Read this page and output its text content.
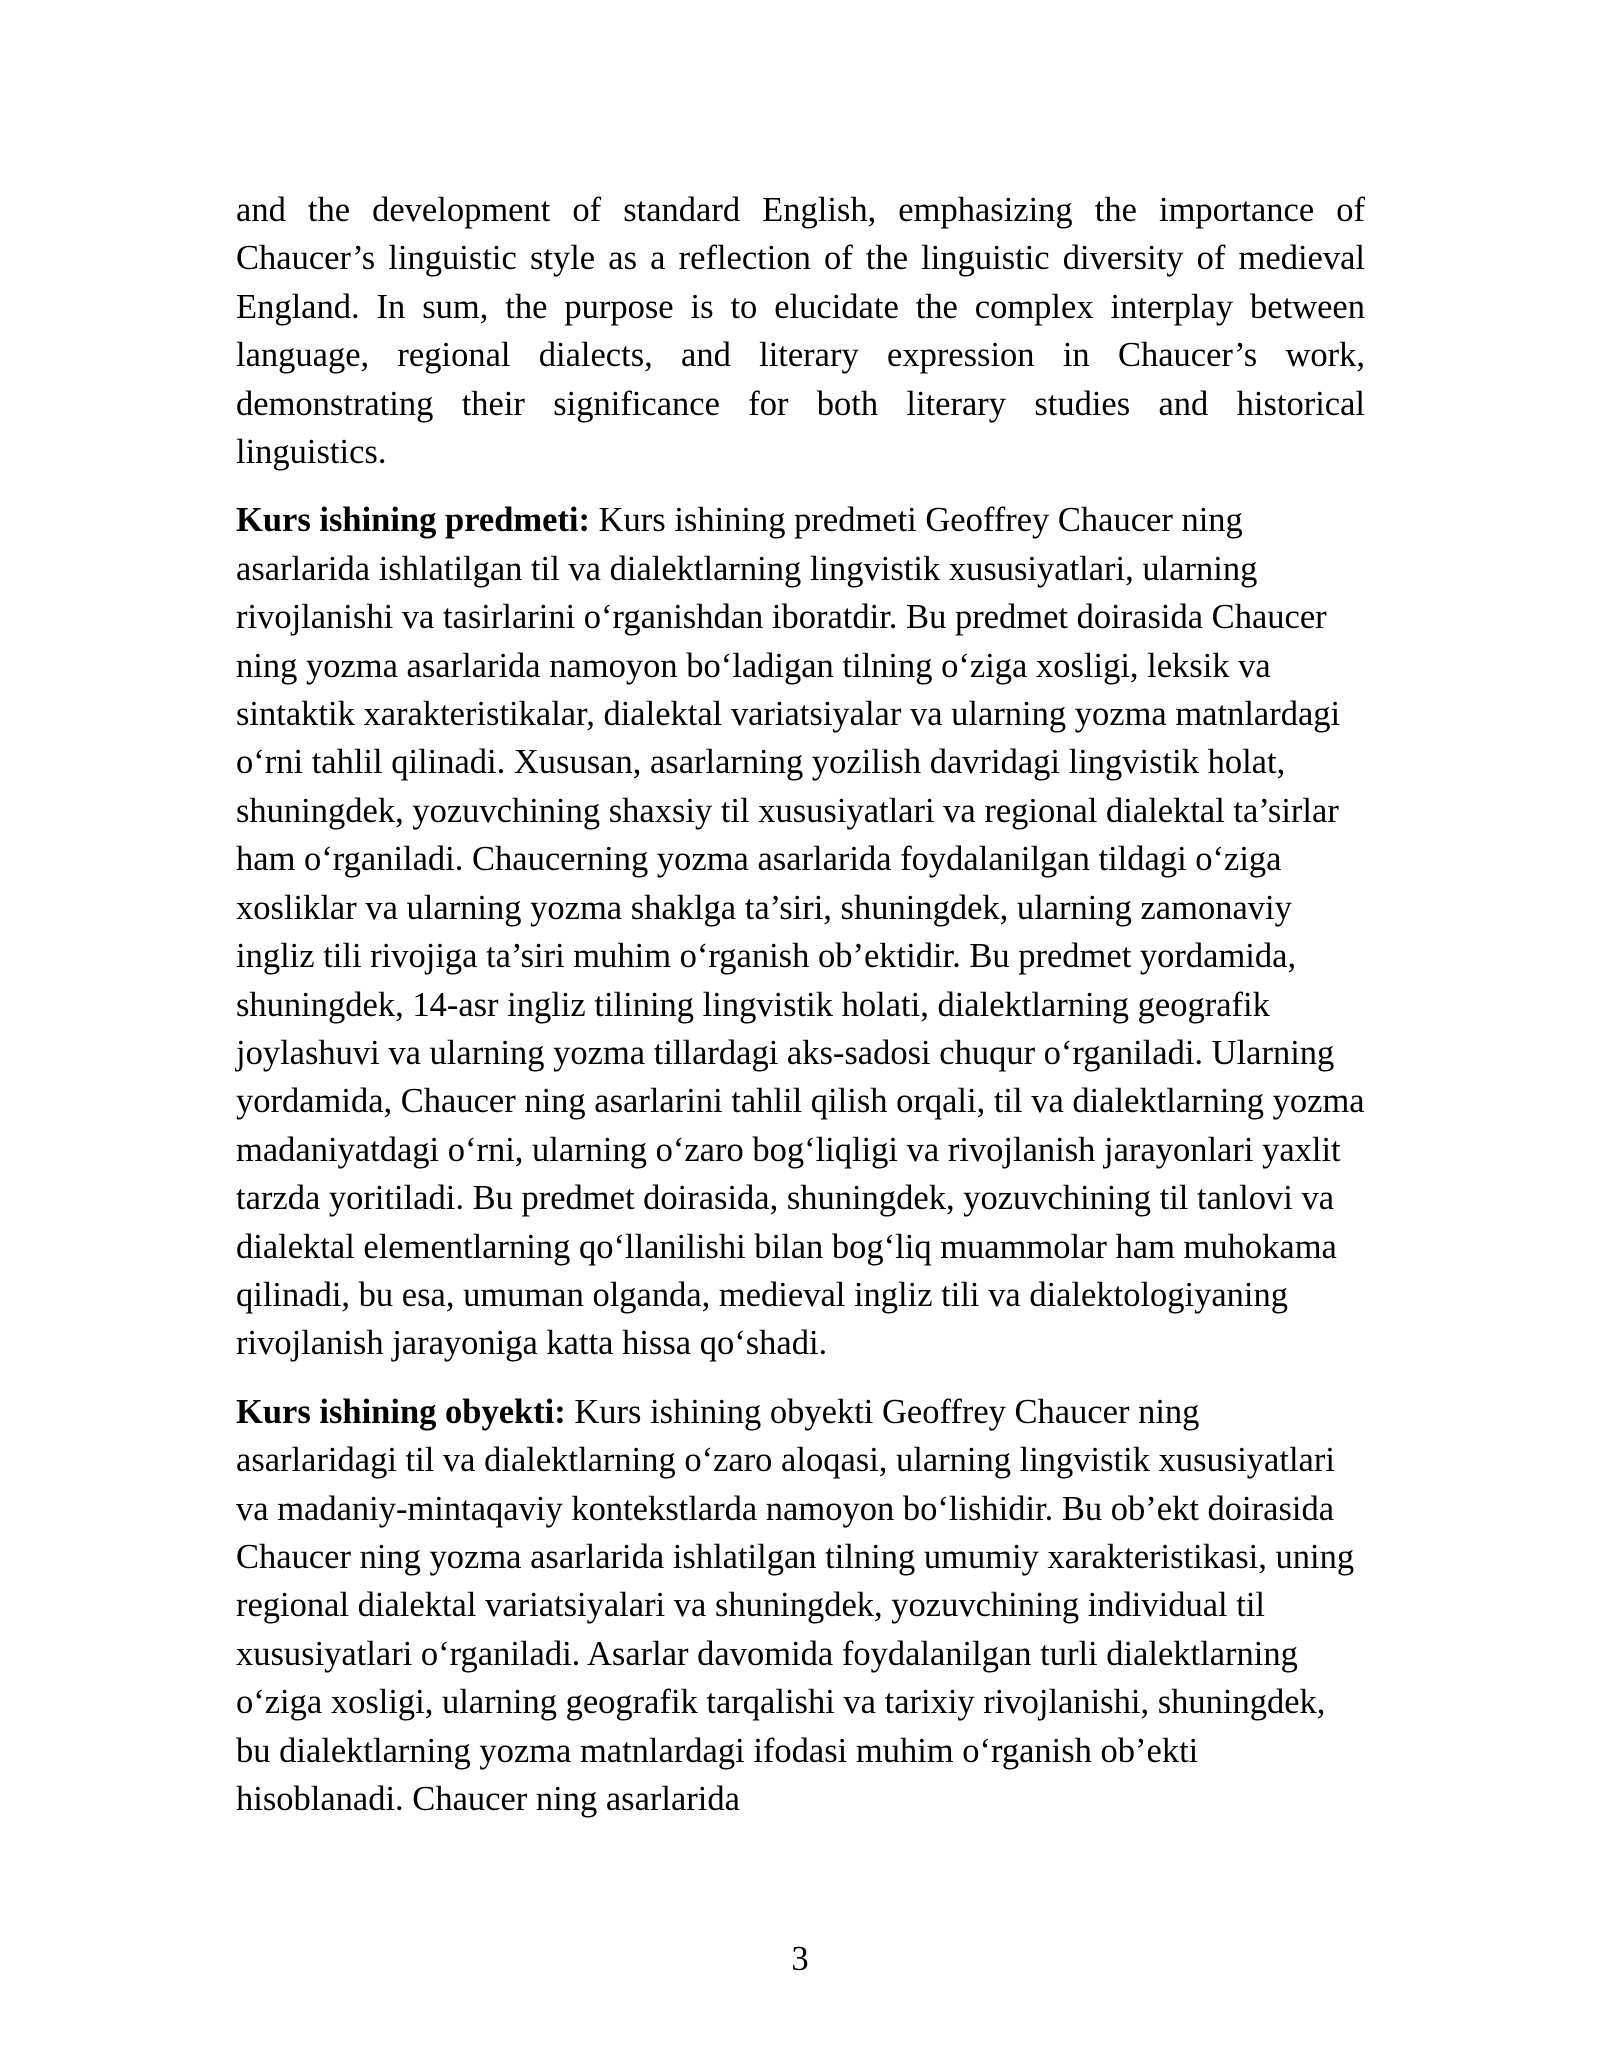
and the development of standard English, emphasizing the importance of Chaucer’s linguistic style as a reflection of the linguistic diversity of medieval England. In sum, the purpose is to elucidate the complex interplay between language, regional dialects, and literary expression in Chaucer’s work, demonstrating their significance for both literary studies and historical linguistics.

Kurs ishining predmeti: Kurs ishining predmeti Geoffrey Chaucer ning asarlarida ishlatilgan til va dialektlarning lingvistik xususiyatlari, ularning rivojlanishi va tasirlarini o‘rganishdan iboratdir. Bu predmet doirasida Chaucer ning yozma asarlarida namoyon bo‘ladigan tilning o‘ziga xosligi, leksik va sintaktik xarakteristikalar, dialektal variatsiyalar va ularning yozma matnlardagi o‘rni tahlil qilinadi. Xususan, asarlarning yozilish davridagi lingvistik holat, shuningdek, yozuvchining shaxsiy til xususiyatlari va regional dialektal ta’sirlar ham o‘rganiladi. Chaucerning yozma asarlarida foydalanilgan tildagi o‘ziga xosliklar va ularning yozma shaklga ta’siri, shuningdek, ularning zamonaviy ingliz tili rivojiga ta’siri muhim o‘rganish ob’ektidir. Bu predmet yordamida, shuningdek, 14-asr ingliz tilining lingvistik holati, dialektlarning geografik joylashuvi va ularning yozma tillardagi aks-sadosi chuqur o‘rganiladi. Ularning yordamida, Chaucer ning asarlarini tahlil qilish orqali, til va dialektlarning yozma madaniyatdagi o‘rni, ularning o‘zaro bog‘liqligi va rivojlanish jarayonlari yaxlit tarzda yoritiladi. Bu predmet doirasida, shuningdek, yozuvchining til tanlovi va dialektal elementlarning qo‘llanilishi bilan bog‘liq muammolar ham muhokama qilinadi, bu esa, umuman olganda, medieval ingliz tili va dialektologiyaning rivojlanish jarayoniga katta hissa qo‘shadi.

Kurs ishining obyekti: Kurs ishining obyekti Geoffrey Chaucer ning asarlaridagi til va dialektlarning o‘zaro aloqasi, ularning lingvistik xususiyatlari va madaniy-mintaqaviy kontekstlarda namoyon bo‘lishidir. Bu ob’ekt doirasida Chaucer ning yozma asarlarida ishlatilgan tilning umumiy xarakteristikasi, uning regional dialektal variatsiyalari va shuningdek, yozuvchining individual til xususiyatlari o‘rganiladi. Asarlar davomida foydalanilgan turli dialektlarning o‘ziga xosligi, ularning geografik tarqalishi va tarixiy rivojlanishi, shuningdek, bu dialektlarning yozma matnlardagi ifodasi muhim o‘rganish ob’ekti hisoblanadi. Chaucer ning asarlarida

3
